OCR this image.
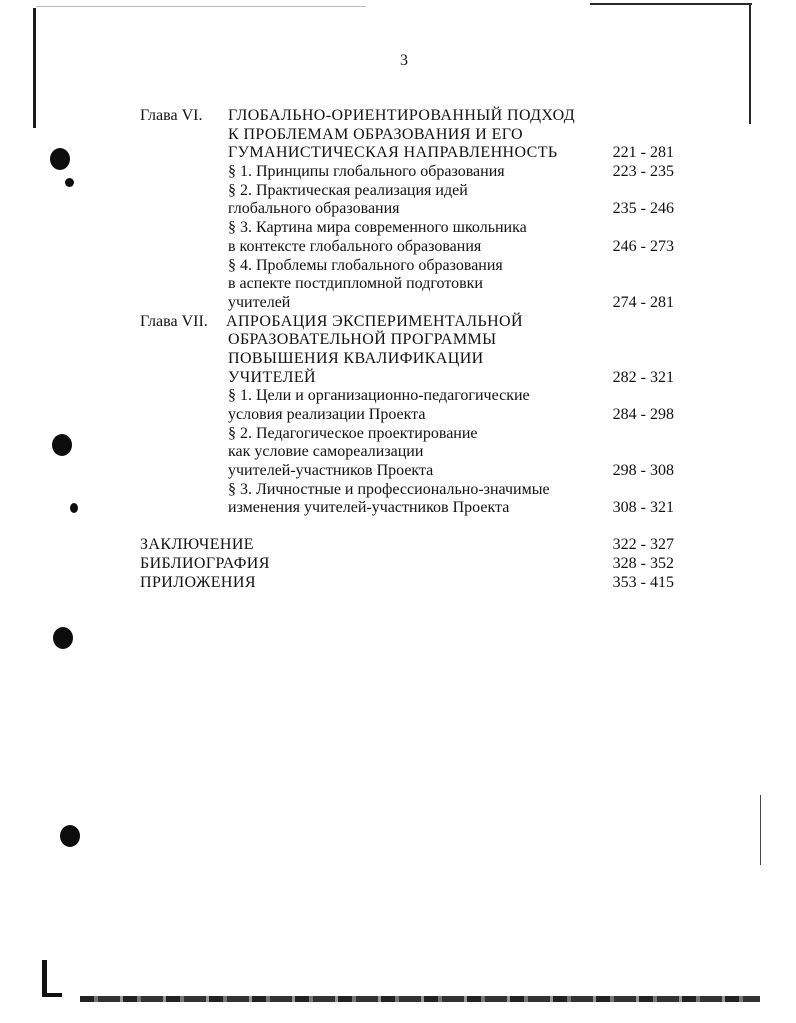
3
Глава VI. ГЛОБАЛЬНО-ОРИЕНТИРОВАННЫЙ ПОДХОД
К ПРОБЛЕМАМ ОБРАЗОВАНИЯ И ЕГО
ГУМАНИСТИЧЕСКАЯ НАПРАВЛЕННОСТЬ	221 - 281
§ 1. Принципы глобального образования	223 - 235
§ 2. Практическая реализация идей
глобального образования	235 - 246
§ 3. Картина мира современного школьника
в контексте глобального образования	246 - 273
§ 4. Проблемы глобального образования
в аспекте постдипломной подготовки
учителей	274 - 281
Глава VII. АПРОБАЦИЯ ЭКСПЕРИМЕНТАЛЬНОЙ
ОБРАЗОВАТЕЛЬНОЙ ПРОГРАММЫ
ПОВЫШЕНИЯ КВАЛИФИКАЦИИ
УЧИТЕЛЕЙ	282 - 321
§ 1. Цели и организационно-педагогические
условия реализации Проекта	284 - 298
§ 2. Педагогическое проектирование
как условие самореализации
учителей-участников Проекта	298 - 308
§ 3. Личностные и профессионально-значимые
изменения учителей-участников Проекта	308 - 321
ЗАКЛЮЧЕНИЕ	322 - 327
БИБЛИОГРАФИЯ	328 - 352
ПРИЛОЖЕНИЯ	353 - 415
